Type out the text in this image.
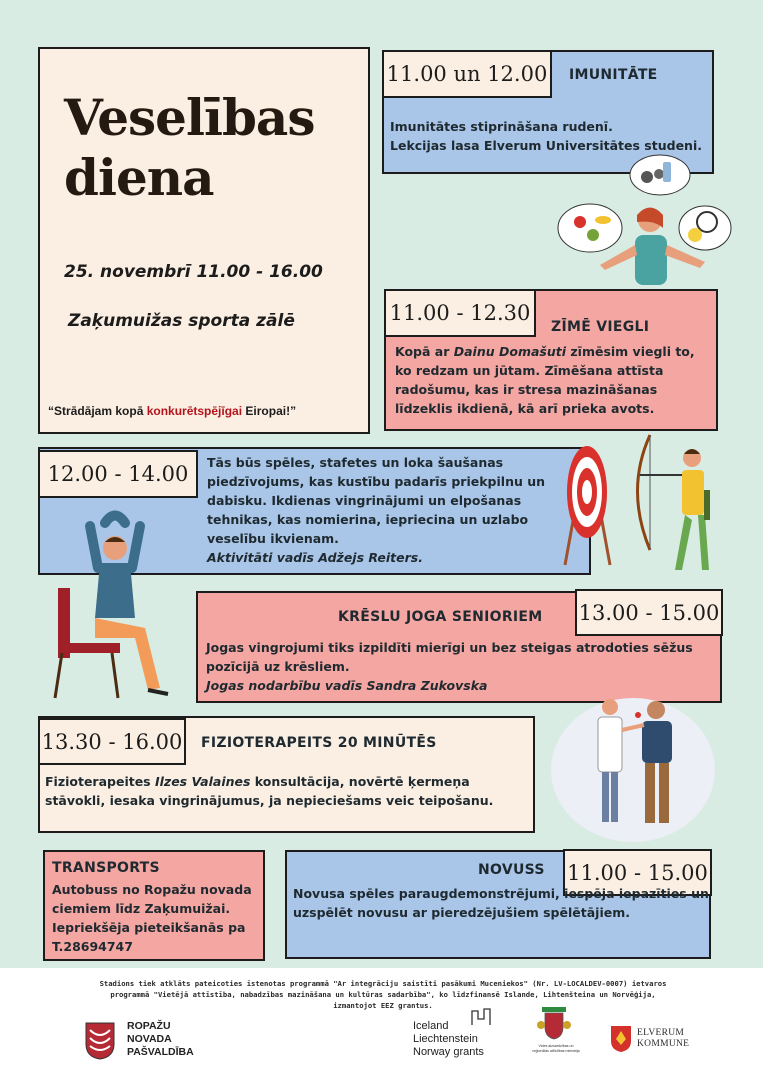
Veselības
diena
25. novembrī 11.00 - 16.00
Zaķumuižas sporta zālē
“Strādājam kopā konkurētspējīgai Eiropai!”
11.00 un 12.00	IMUNITĀTE
Imunitātes stiprināšana rudenī.
Lekcijas lasa Elverum Universitātes studeni.
11.00 - 12.30
ZĪMĒ VIEGLI
Kopā ar Dainu Domašuti zīmēsim viegli to, ko redzam un jūtam. Zīmēšana attīsta radošumu, kas ir stresa mazināšanas līdzeklis ikdienā, kā arī prieka avots.
12.00 - 14.00	Tās būs spēles, stafetes un loka šaušanas piedzīvojums, kas kustību padarīs priekpilnu un dabisku. Ikdienas vingrinājumi un elpošanas tehnikas, kas nomierina, iepriecina un uzlabo veselību ikvienam.
Aktivitāti vadīs Adžejs Reiters.
13.00 - 15.00
KRĒSLU JOGA SENIORIEM
Jogas vingrojumi tiks izpildīti mierīgi un bez steigas atrodoties sēžus pozīcijā uz krēsliem.
Jogas nodarbību vadīs Sandra Zukovska
13.30 - 16.00 FIZIOTERAPEITS 20 MINŪTĒS
Fizioterapeites Ilzes Valaines konsultācija, novērtē ķermeņa stāvokli, iesaka vingrinājumus, ja nepieciešams veic teipošanu.
TRANSPORTS
Autobuss no Ropažu novada ciemiem līdz Zaķumuižai. Iepriekšēja pieteikšanās pa T.28694747
11.00 - 15.00
NOVUSS
Novusa spēles paraugdemonstrējumi, iespēja iepazīties un uzspēlēt novusu ar pieredzējušiem spēlētājiem.
Stadions tiek atklāts pateicoties īstenotas programmā "Ar integrāciju saistīti pasākumi Muceniekos" (Nr. LV-LOCALDEV-0007) ietvaros programmā "Vietējā attīstība, nabadzības mazināšana un kultūras sadarbība", ko līdzfinansē Islande, Lihtenšteina un Norvēģija, izmantojot EEZ grantus.
ROPAŽU
NOVADA
PAŠVALDĪBA
Iceland
Liechtenstein
Norway grants	Vides aizsardzības un reģionālās attīstības ministrija
ELVERUM
KOMMUNE
